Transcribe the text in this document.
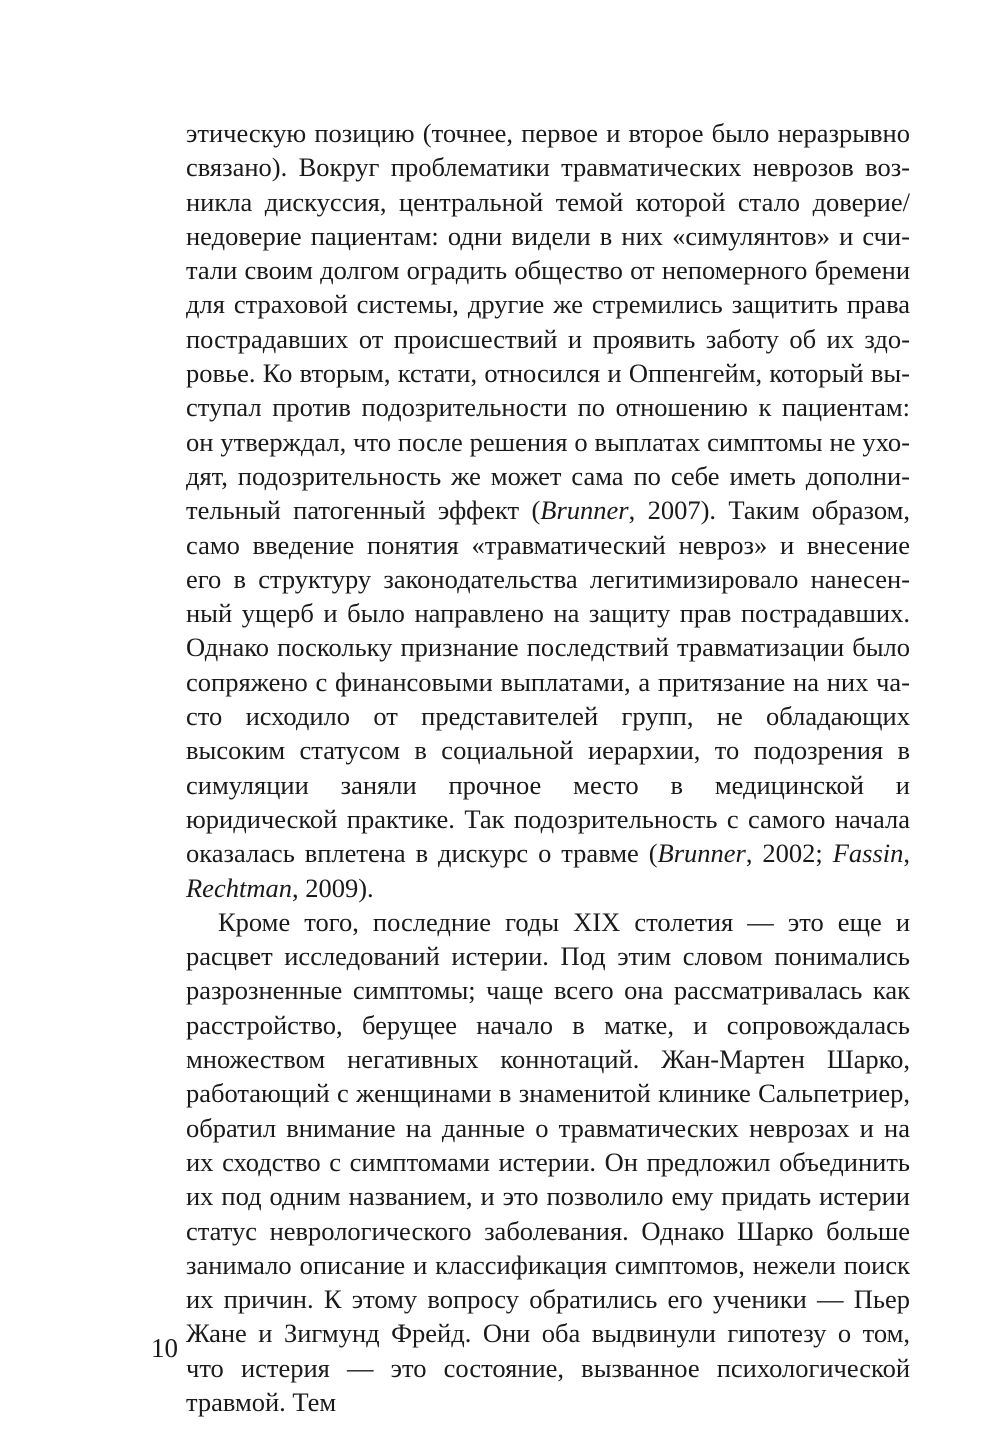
этическую позицию (точнее, первое и второе было неразрывно связано). Вокруг проблематики травматических неврозов возникла дискуссия, центральной темой которой стало доверие/​недоверие пациентам: одни видели в них «симулянтов» и считали своим долгом оградить общество от непомерного бремени для страховой системы, другие же стремились защитить права пострадавших от происшествий и проявить заботу об их здоровье. Ко вторым, кстати, относился и Оппенгейм, который выступал против подозрительности по отношению к пациентам: он утверждал, что после решения о выплатах симптомы не уходят, подозрительность же может сама по себе иметь дополнительный патогенный эффект (Brunner, 2007). Таким образом, само введение понятия «травматический невроз» и внесение его в структуру законодательства легитимизировало нанесенный ущерб и было направлено на защиту прав пострадавших. Однако поскольку признание последствий травматизации было сопряжено с финансовыми выплатами, а притязание на них часто исходило от представителей групп, не обладающих высоким статусом в социальной иерархии, то подозрения в симуляции заняли прочное место в медицинской и юридической практике. Так подозрительность с самого начала оказалась вплетена в дискурс о травме (Brunner, 2002; Fassin, Rechtman, 2009).

Кроме того, последние годы XIX столетия — это еще и расцвет исследований истерии. Под этим словом понимались разрозненные симптомы; чаще всего она рассматривалась как расстройство, берущее начало в матке, и сопровождалась множеством негативных коннотаций. Жан-Мартен Шарко, работающий с женщинами в знаменитой клинике Сальпетриер, обратил внимание на данные о травматических неврозах и на их сходство с симптомами истерии. Он предложил объединить их под одним названием, и это позволило ему придать истерии статус неврологического заболевания. Однако Шарко больше занимало описание и классификация симптомов, нежели поиск их причин. К этому вопросу обратились его ученики — Пьер Жане и Зигмунд Фрейд. Они оба выдвинули гипотезу о том, что истерия — это состояние, вызванное психологической травмой. Тем

10
